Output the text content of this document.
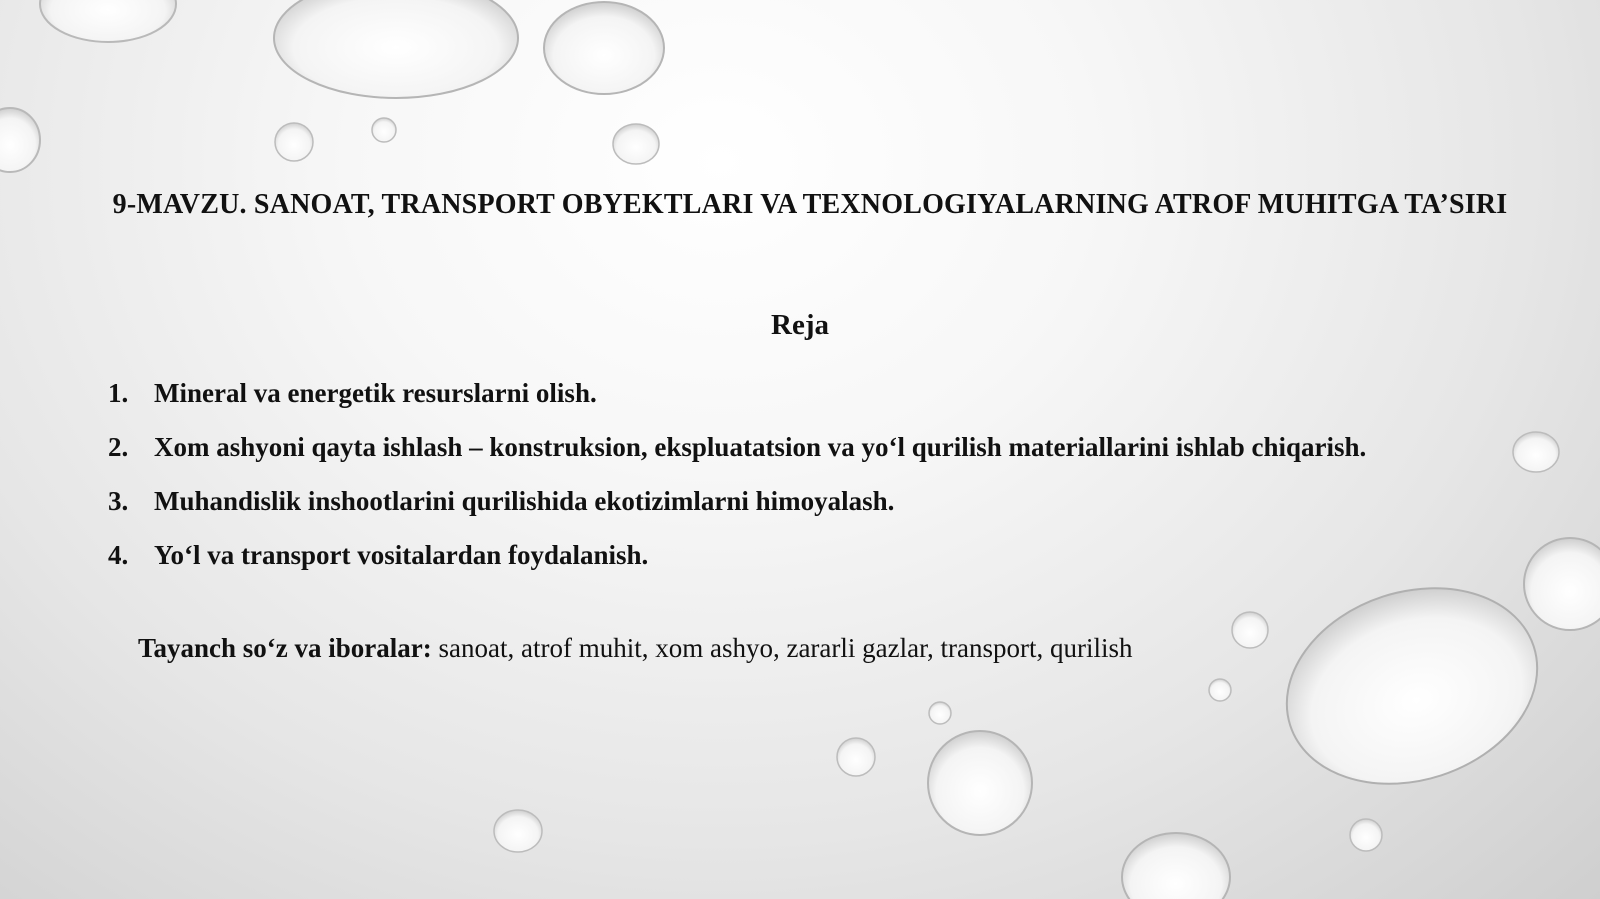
9-MAVZU. SANOAT, TRANSPORT OBYEKTLARI VA TEXNOLOGIYALARNING ATROF MUHITGA TA’SIRI
Reja
1. Mineral va energetik resurslarni olish.
2. Xom ashyoni qayta ishlash – konstruksion, ekspluatatsion va yo‘l qurilish materiallarini ishlab chiqarish.
3. Muhandislik inshootlarini qurilishida ekotizimlarni himoyalash.
4. Yo‘l va transport vositalardan foydalanish.

Tayanch so‘z va iboralar: sanoat, atrof muhit, xom ashyo, zararli gazlar, transport, qurilish
